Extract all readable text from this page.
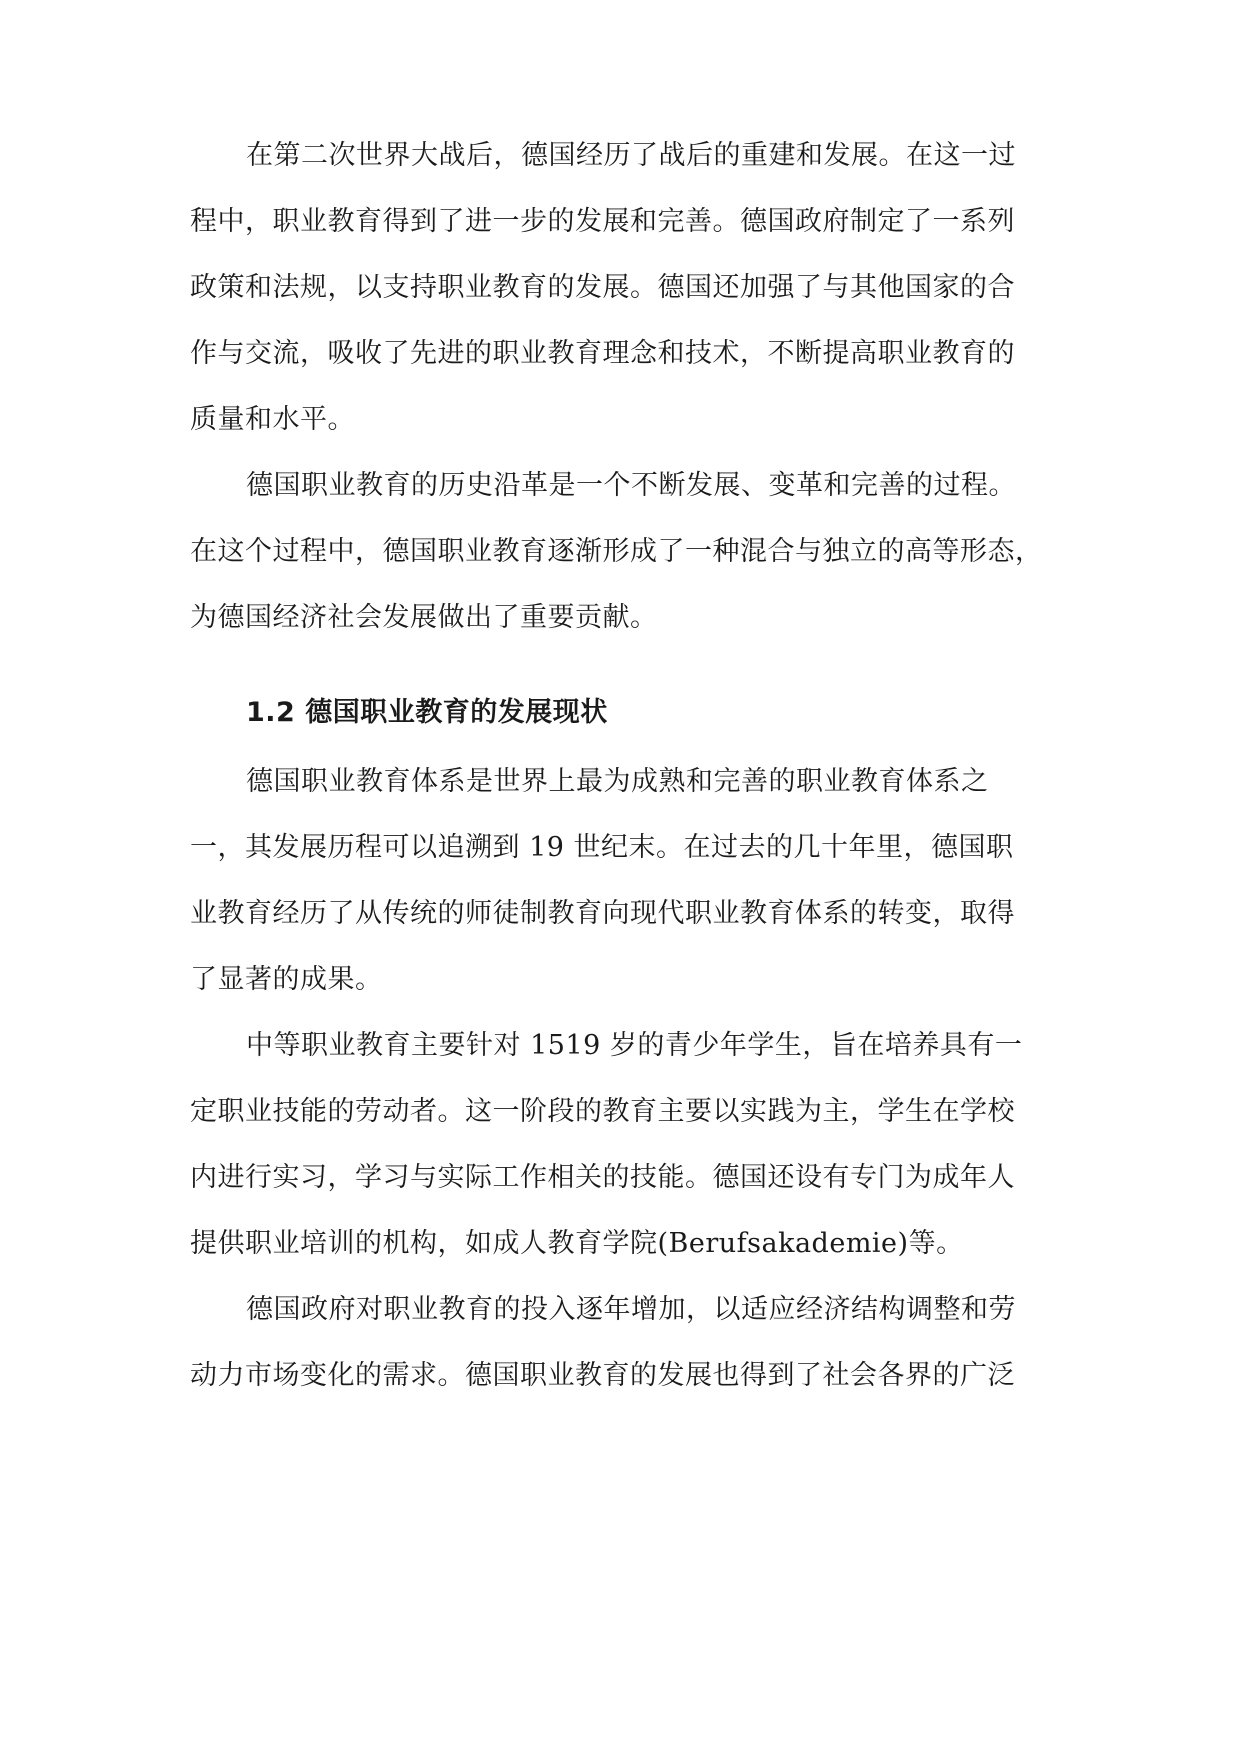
在第二次世界大战后，德国经历了战后的重建和发展。在这一过
程中，职业教育得到了进一步的发展和完善。德国政府制定了一系列
政策和法规，以支持职业教育的发展。德国还加强了与其他国家的合
作与交流，吸收了先进的职业教育理念和技术，不断提高职业教育的
质量和水平。
德国职业教育的历史沿革是一个不断发展、变革和完善的过程。
在这个过程中，德国职业教育逐渐形成了一种混合与独立的高等形态，
为德国经济社会发展做出了重要贡献。
1.2 德国职业教育的发展现状
德国职业教育体系是世界上最为成熟和完善的职业教育体系之
一，其发展历程可以追溯到 19 世纪末。在过去的几十年里，德国职
业教育经历了从传统的师徒制教育向现代职业教育体系的转变，取得
了显著的成果。
中等职业教育主要针对 1519 岁的青少年学生，旨在培养具有一
定职业技能的劳动者。这一阶段的教育主要以实践为主，学生在学校
内进行实习，学习与实际工作相关的技能。德国还设有专门为成年人
提供职业培训的机构，如成人教育学院(Berufsakademie)等。
德国政府对职业教育的投入逐年增加，以适应经济结构调整和劳
动力市场变化的需求。德国职业教育的发展也得到了社会各界的广泛
